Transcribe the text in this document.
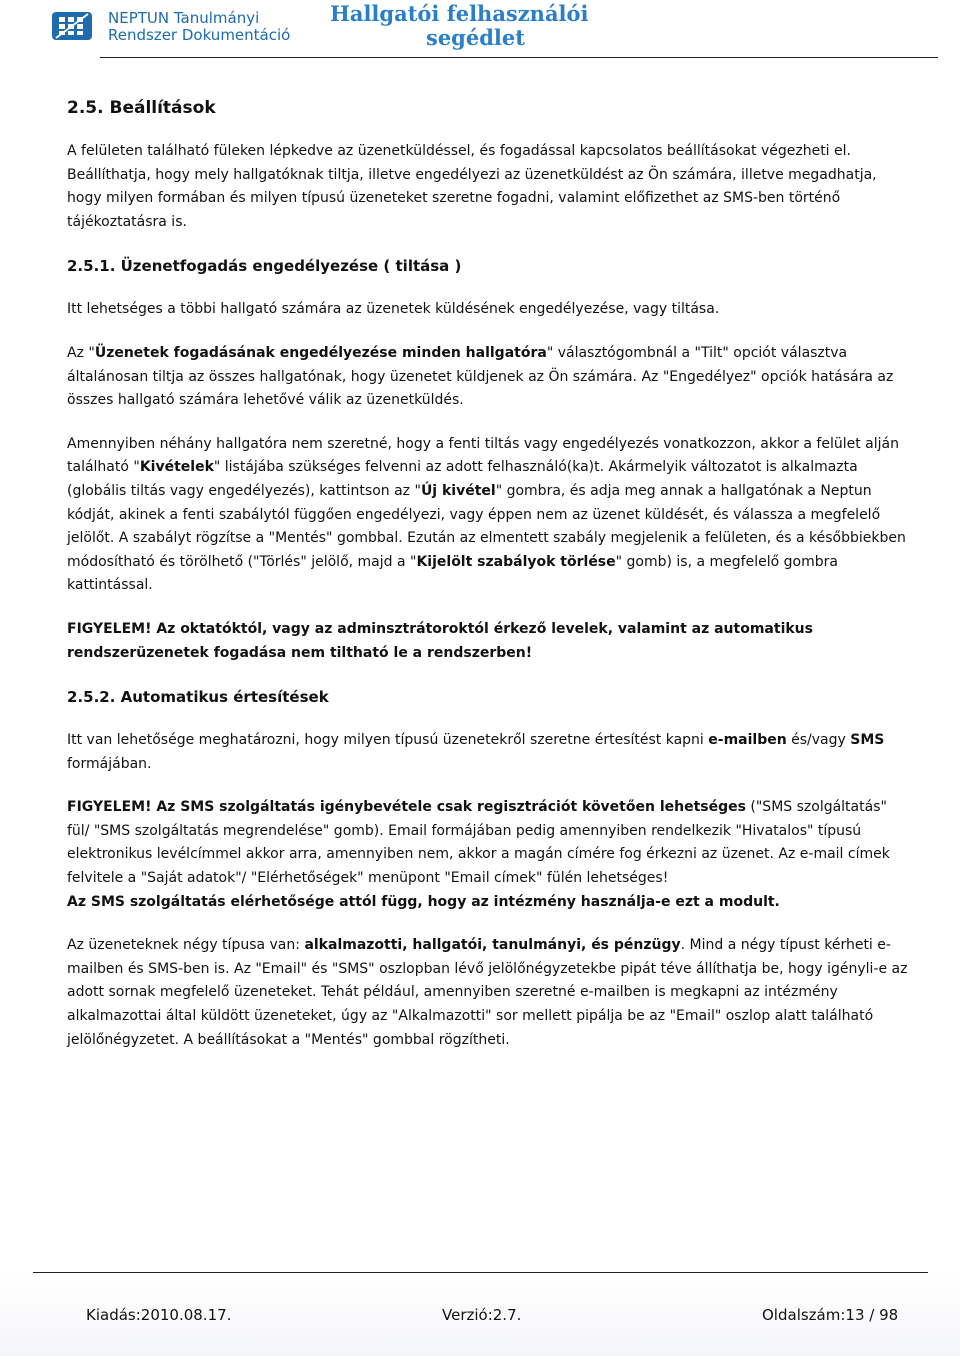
NEPTUN Tanulmányi
Rendszer Dokumentáció
Hallgatói felhasználói
segédlet

2.5. Beállítások

A felületen található füleken lépkedve az üzenetküldéssel, és fogadással kapcsolatos beállításokat végezheti el. Beállíthatja, hogy mely hallgatóknak tiltja, illetve engedélyezi az üzenetküldést az Ön számára, illetve megadhatja, hogy milyen formában és milyen típusú üzeneteket szeretne fogadni, valamint előfizethet az SMS-ben történő tájékoztatásra is.

2.5.1. Üzenetfogadás engedélyezése ( tiltása )

Itt lehetséges a többi hallgató számára az üzenetek küldésének engedélyezése, vagy tiltása.

Az "Üzenetek fogadásának engedélyezése minden hallgatóra" választógombnál a "Tilt" opciót választva általánosan tiltja az összes hallgatónak, hogy üzenetet küldjenek az Ön számára. Az "Engedélyez" opciók hatására az összes hallgató számára lehetővé válik az üzenetküldés.

Amennyiben néhány hallgatóra nem szeretné, hogy a fenti tiltás vagy engedélyezés vonatkozzon, akkor a felület alján található "Kivételek" listájába szükséges felvenni az adott felhasználó(ka)t. Akármelyik változatot is alkalmazta (globális tiltás vagy engedélyezés), kattintson az "Új kivétel" gombra, és adja meg annak a hallgatónak a Neptun kódját, akinek a fenti szabálytól függően engedélyezi, vagy éppen nem az üzenet küldését, és válassza a megfelelő jelölőt. A szabályt rögzítse a "Mentés" gombbal. Ezután az elmentett szabály megjelenik a felületen, és a későbbiekben módosítható és törölhető ("Törlés" jelölő, majd a "Kijelölt szabályok törlése" gomb) is, a megfelelő gombra kattintással.

FIGYELEM! Az oktatóktól, vagy az adminsztrátoroktól érkező levelek, valamint az automatikus rendszerüzenetek fogadása nem tiltható le a rendszerben!

2.5.2. Automatikus értesítések

Itt van lehetősége meghatározni, hogy milyen típusú üzenetekről szeretne értesítést kapni e-mailben és/vagy SMS formájában.

FIGYELEM! Az SMS szolgáltatás igénybevétele csak regisztrációt követően lehetséges ("SMS szolgáltatás" fül/ "SMS szolgáltatás megrendelése" gomb). Email formájában pedig amennyiben rendelkezik "Hivatalos" típusú elektronikus levélcímmel akkor arra, amennyiben nem, akkor a magán címére fog érkezni az üzenet. Az e-mail címek felvitele a "Saját adatok"/ "Elérhetőségek" menüpont "Email címek" fülén lehetséges!
Az SMS szolgáltatás elérhetősége attól függ, hogy az intézmény használja-e ezt a modult.

Az üzeneteknek négy típusa van: alkalmazotti, hallgatói, tanulmányi, és pénzügy. Mind a négy típust kérheti e-mailben és SMS-ben is. Az "Email" és "SMS" oszlopban lévő jelölőnégyzetekbe pipát téve állíthatja be, hogy igényli-e az adott sornak megfelelő üzeneteket. Tehát például, amennyiben szeretné e-mailben is megkapni az intézmény alkalmazottai által küldött üzeneteket, úgy az "Alkalmazotti" sor mellett pipálja be az "Email" oszlop alatt található jelölőnégyzetet. A beállításokat a "Mentés" gombbal rögzítheti.

Kiadás:2010.08.17.	Verzió:2.7.	Oldalszám:13 / 98
